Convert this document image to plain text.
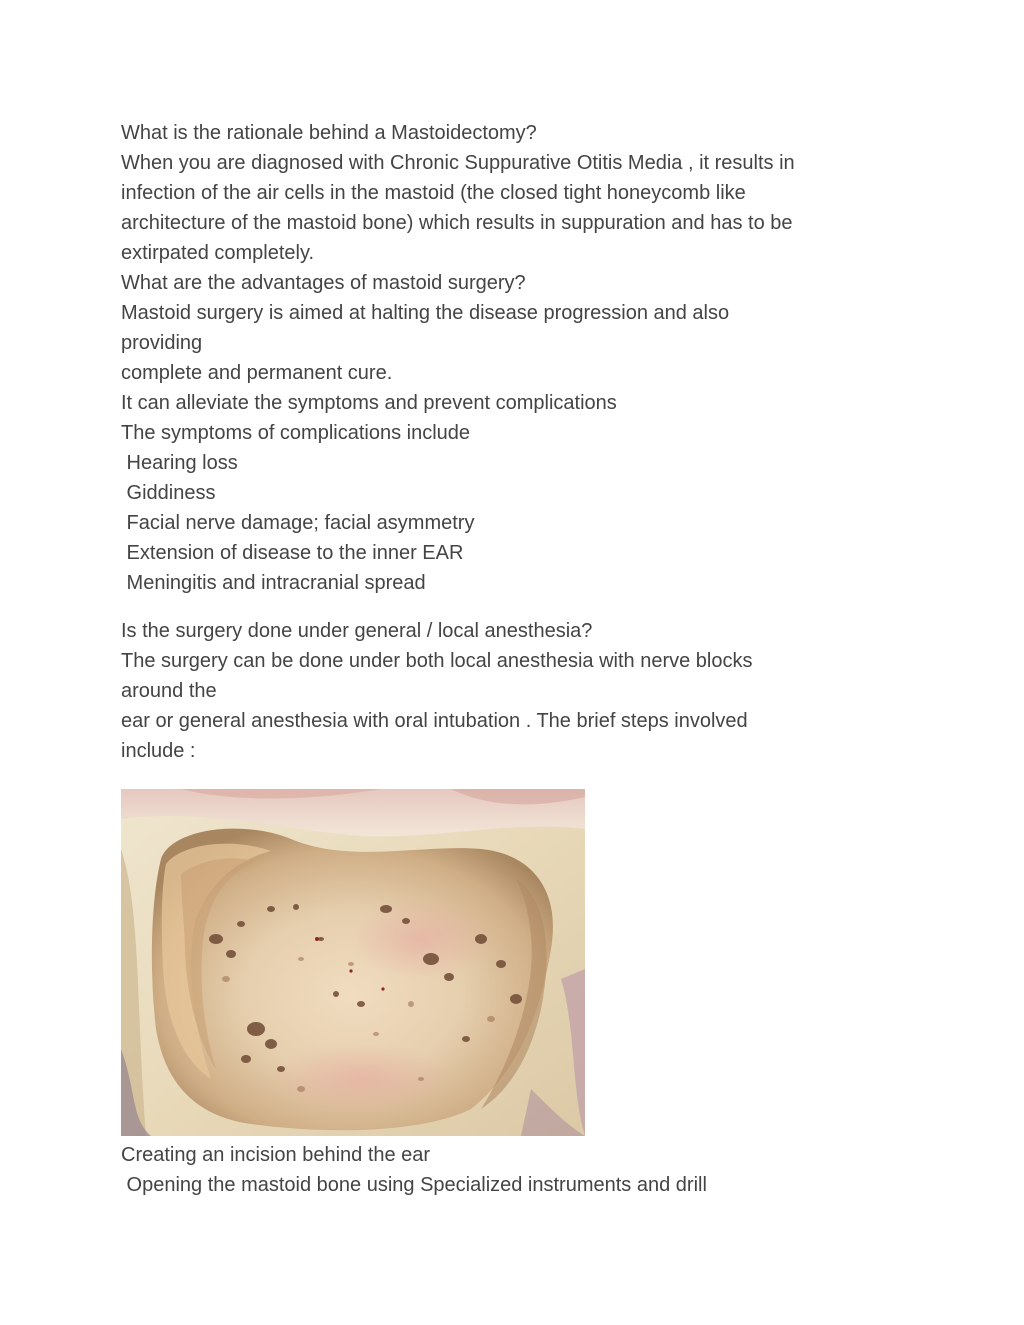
What is the rationale behind a Mastoidectomy?

When you are diagnosed with Chronic Suppurative Otitis Media , it results in

infection of the air cells in the mastoid (the closed tight honeycomb like

architecture of the mastoid bone) which results in suppuration and has to be

extirpated completely.

What are the advantages of mastoid surgery?

Mastoid surgery is aimed at halting the disease progression and also

providing

complete and permanent cure.

It can alleviate the symptoms and prevent complications

The symptoms of complications include

Hearing loss

Giddiness

Facial nerve damage; facial asymmetry

Extension of disease to the inner EAR

Meningitis and intracranial spread

Is the surgery done under general / local anesthesia?

The surgery can be done under both local anesthesia with nerve blocks

around the

ear or general anesthesia with oral intubation . The brief steps involved

include :

Creating an incision behind the ear

Opening the mastoid bone using Specialized instruments and drill
